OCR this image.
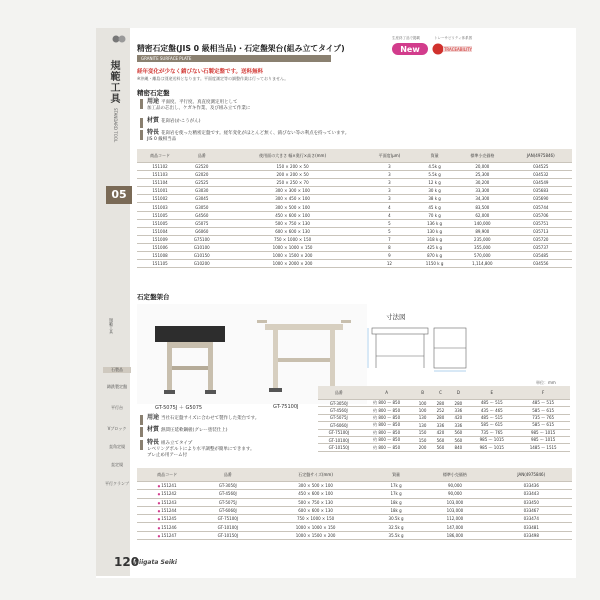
規範工具
STANDARD TOOL
05
規範工具
石製品
鋳鉄製定盤
平行台
Vブロック
直角定規
直定規
平行クランプ
生産終了品で掲載
New
トレーサビリティ体系図
TRACEABILITY
精密石定盤(JIS 0 級相当品)・石定盤架台(組み立てタイプ)
GRANITE SURFACE PLATE
経年変化が少なく錆びない石製定盤です。送料無料
※沖縄・離島は別途送料となります。平面度測定等の調整作業は行っておりません。
精密石定盤
用途 平面度、平行度、真直度測定用として
加工品の芯出し、ケガキ作業、及び組み立て作業に
材質 花崗岩(かこうがん)
特長 花崗岩を使った精密定盤です。経年変化がほとんど無く、錆びない等の利点を持っています。
JIS 0 級相当品
商品コード	品番	使用面の大きさ 幅×奥行×高さ(mm)	平面度(μm)	質量	標準小売価格	JAN(4975846)
151102	G2520	150 × 200 × 50	3	4.5k g	20,000	034525
151103	G2020	200 × 200 × 50	3	5.5k g	25,300	034532
151104	G2525	250 × 250 × 70	3	12 k g	30,200	034549
151001	G3030	300 × 300 × 100	3	30 k g	33,300	035683
151002	G3045	300 × 450 × 100	3	38 k g	34,300	035690
151003	G3050	300 × 500 × 100	4	45 k g	83,500	035744
151005	G4560	450 × 600 × 100	4	70 k g	62,000	035706
151005	G5075	500 × 750 × 130	5	136 k g	140,000	035751
151004	G6060	600 × 600 × 130	5	130 k g	89,900	035713
151009	G75100	750 × 1000 × 150	7	318 k g	235,000	035720
151006	G10100	1000 × 1000 × 150	8	425 k g	355,000	035737
151008	G10150	1000 × 1500 × 200	9	870 k g	570,000	035485
151105	G10200	1000 × 2000 × 200	12	1150 k g	1,114,800	034556
石定盤架台
GT-5075J ＋ G5075	GT-75100J
用途 当社石定盤サイズに合わせて製作した架台です。
材質 熱間圧延軟鋼板(グレー塗装仕上)
特長 組み立てタイプ
レベリングボルトにより水平調整が簡単にできます。
ブレ止め用アーム付
寸法図
単位：mm
品番	A	B	C	D	E	F
GT-3050J	約 800 ～ 850	100	280	280	485 ～ 515	485 ～ 515
GT-4560J	約 800 ～ 850	100	252	336	435 ～ 465	585 ～ 615
GT-5075J	約 800 ～ 850	130	280	420	485 ～ 515	735 ～ 765
GT-6060J	約 800 ～ 850	130	336	336	585 ～ 615	585 ～ 615
GT-75100J	約 800 ～ 850	150	420	560	735 ～ 765	985 ～ 1015
GT-10100J	約 800 ～ 850	150	560	560	985 ～ 1015	985 ～ 1015
GT-10150J	約 800 ～ 850	200	560	840	985 ～ 1015	1485 ～ 1515
商品コード	品番	石定盤サイズ(mm)	質量	標準小売価格	JAN(4975846)
●151241	GT-3050J	300 × 500 × 100	17k g	90,000	033436
●151242	GT-4560J	450 × 600 × 100	17k g	90,000	033443
●151243	GT-5075J	500 × 750 × 130	18k g	103,000	033450
●151244	GT-6060J	600 × 600 × 130	18k g	103,000	033467
●151245	GT-75100J	750 × 1000 × 150	30.5k g	112,000	033474
●151246	GT-10100J	1000 × 1000 × 150	32.5k g	147,000	033481
●151247	GT-10150J	1000 × 1500 × 200	35.5k g	186,000	033498
120
Niigata Seiki
